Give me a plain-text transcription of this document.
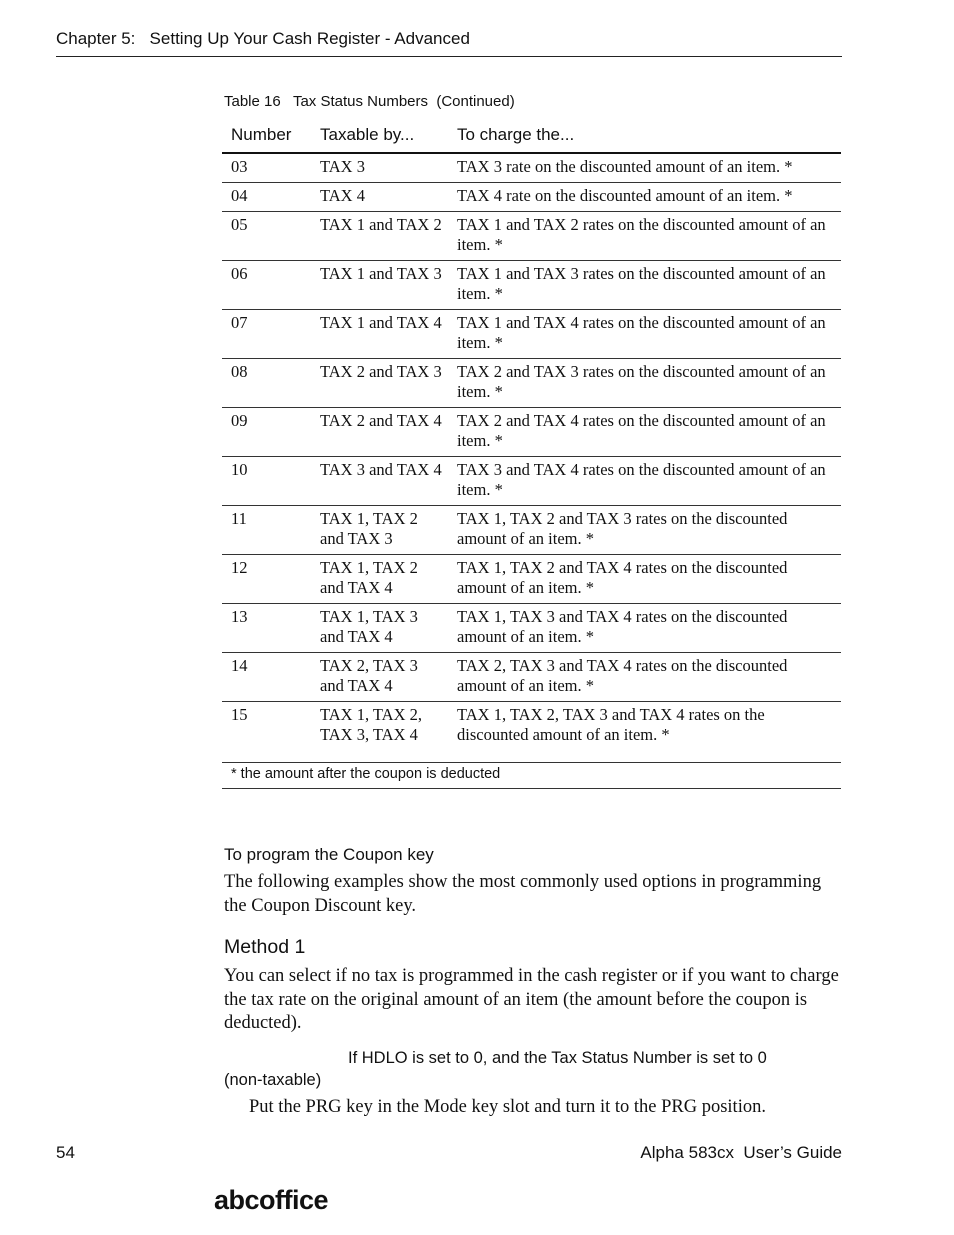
Chapter 5:   Setting Up Your Cash Register - Advanced
Table 16   Tax Status Numbers  (Continued)
Number	Taxable by...	To charge the...
03	TAX 3	TAX 3 rate on the discounted amount of an item. *
04	TAX 4	TAX 4 rate on the discounted amount of an item. *
05	TAX 1 and TAX 2	TAX 1 and TAX 2 rates on the discounted amount of an item. *
06	TAX 1 and TAX 3	TAX 1 and TAX 3 rates on the discounted amount of an item. *
07	TAX 1 and TAX 4	TAX 1 and TAX 4 rates on the discounted amount of an item. *
08	TAX 2 and TAX 3	TAX 2 and TAX 3 rates on the discounted amount of an item. *
09	TAX 2 and TAX 4	TAX 2 and TAX 4 rates on the discounted amount of an item. *
10	TAX 3 and TAX 4	TAX 3 and TAX 4 rates on the discounted amount of an item. *
11	TAX 1, TAX 2 and TAX 3	TAX 1, TAX 2 and TAX 3 rates on the discounted amount of an item. *
12	TAX 1, TAX 2 and TAX 4	TAX 1, TAX 2 and TAX 4 rates on the discounted amount of an item. *
13	TAX 1, TAX 3 and TAX 4	TAX 1, TAX 3 and TAX 4 rates on the discounted amount of an item. *
14	TAX 2, TAX 3 and TAX 4	TAX 2, TAX 3 and TAX 4 rates on the discounted amount of an item. *
15	TAX 1, TAX 2, TAX 3, TAX 4	TAX 1, TAX 2, TAX 3 and TAX 4 rates on the discounted amount of an item. *
* the amount after the coupon is deducted		
To program the Coupon key
The following examples show the most commonly used options in programming the Coupon Discount key.
Method 1
You can select if no tax is programmed in the cash register or if you want to charge the tax rate on the original amount of an item (the amount before the coupon is deducted).
If HDLO is set to 0, and the Tax Status Number is set to 0
(non-taxable)
Put the PRG key in the Mode key slot and turn it to the PRG position.
54	Alpha 583cx  User’s Guide
abcoffice
